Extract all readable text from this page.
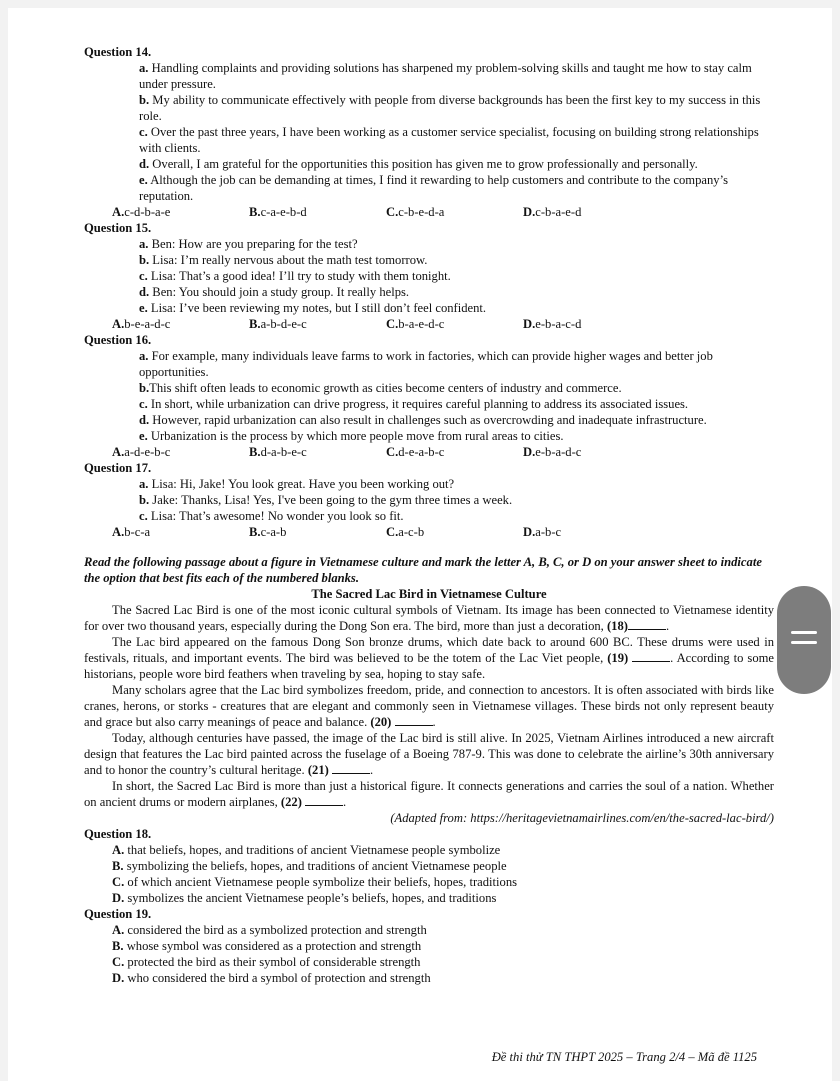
Question 14.
a. Handling complaints and providing solutions has sharpened my problem-solving skills and taught me how to stay calm under pressure.
b. My ability to communicate effectively with people from diverse backgrounds has been the first key to my success in this role.
c. Over the past three years, I have been working as a customer service specialist, focusing on building strong relationships with clients.
d. Overall, I am grateful for the opportunities this position has given me to grow professionally and personally.
e. Although the job can be demanding at times, I find it rewarding to help customers and contribute to the company’s reputation.
A.c-d-b-a-e	B.c-a-e-b-d	C.c-b-e-d-a	D.c-b-a-e-d
Question 15.
a. Ben: How are you preparing for the test?
b. Lisa: I’m really nervous about the math test tomorrow.
c. Lisa: That’s a good idea! I’ll try to study with them tonight.
d. Ben: You should join a study group. It really helps.
e. Lisa: I’ve been reviewing my notes, but I still don’t feel confident.
A.b-e-a-d-c	B.a-b-d-e-c	C.b-a-e-d-c	D.e-b-a-c-d
Question 16.
a. For example, many individuals leave farms to work in factories, which can provide higher wages and better job opportunities.
b.This shift often leads to economic growth as cities become centers of industry and commerce.
c. In short, while urbanization can drive progress, it requires careful planning to address its associated issues.
d. However, rapid urbanization can also result in challenges such as overcrowding and inadequate infrastructure.
e. Urbanization is the process by which more people move from rural areas to cities.
A.a-d-e-b-c	B.d-a-b-e-c	C.d-e-a-b-c	D.e-b-a-d-c
Question 17.
a. Lisa: Hi, Jake! You look great. Have you been working out?
b. Jake: Thanks, Lisa! Yes, I've been going to the gym three times a week.
c. Lisa: That’s awesome! No wonder you look so fit.
A.b-c-a	B.c-a-b	C.a-c-b	D.a-b-c
Read the following passage about a figure in Vietnamese culture and mark the letter A, B, C, or D on your answer sheet to indicate the option that best fits each of the numbered blanks.
The Sacred Lac Bird in Vietnamese Culture
The Sacred Lac Bird is one of the most iconic cultural symbols of Vietnam. Its image has been connected to Vietnamese identity for over two thousand years, especially during the Dong Son era. The bird, more than just a decoration, (18)	.
The Lac bird appeared on the famous Dong Son bronze drums, which date back to around 600 BC. These drums were used in festivals, rituals, and important events. The bird was believed to be the totem of the Lac Viet people, (19)	. According to some historians, people wore bird feathers when traveling by sea, hoping to stay safe.
Many scholars agree that the Lac bird symbolizes freedom, pride, and connection to ancestors. It is often associated with birds like cranes, herons, or storks - creatures that are elegant and commonly seen in Vietnamese villages. These birds not only represent beauty and grace but also carry meanings of peace and balance. (20)	.
Today, although centuries have passed, the image of the Lac bird is still alive. In 2025, Vietnam Airlines introduced a new aircraft design that features the Lac bird painted across the fuselage of a Boeing 787-9. This was done to celebrate the airline’s 30th anniversary and to honor the country’s cultural heritage. (21)	.
In short, the Sacred Lac Bird is more than just a historical figure. It connects generations and carries the soul of a nation. Whether on ancient drums or modern airplanes, (22)	.
(Adapted from: https://heritagevietnamairlines.com/en/the-sacred-lac-bird/)
Question 18.
A. that beliefs, hopes, and traditions of ancient Vietnamese people symbolize
B. symbolizing the beliefs, hopes, and traditions of ancient Vietnamese people
C. of which ancient Vietnamese people symbolize their beliefs, hopes, traditions
D. symbolizes the ancient Vietnamese people’s beliefs, hopes, and traditions
Question 19.
A. considered the bird as a symbolized protection and strength
B. whose symbol was considered as a protection and strength
C. protected the bird as their symbol of considerable strength
D. who considered the bird a symbol of protection and strength
Đề thi thử TN THPT 2025 – Trang 2/4 – Mã đề 1125
